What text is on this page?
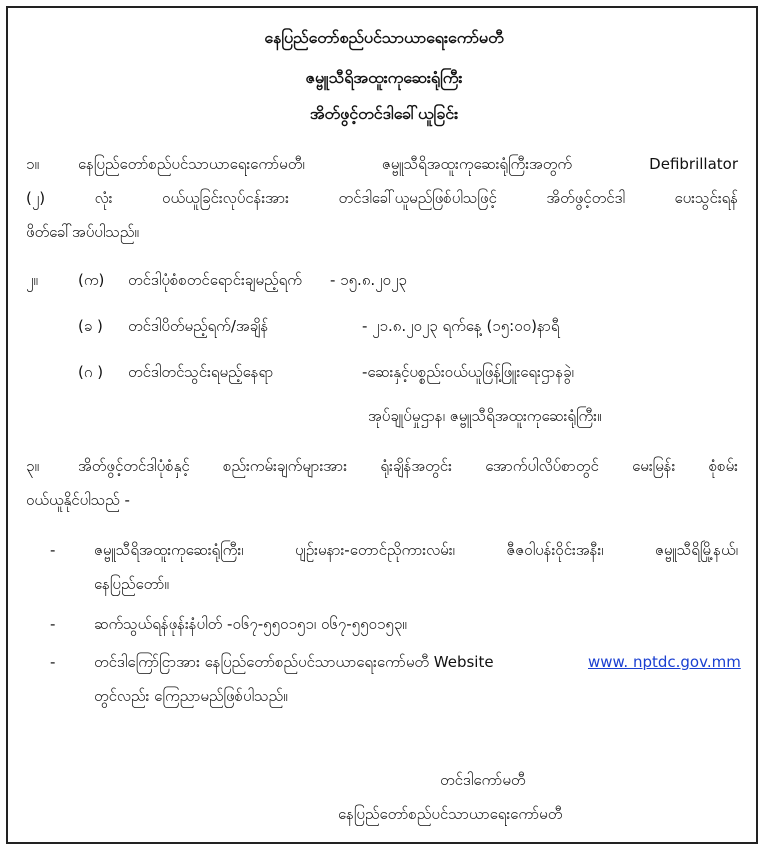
နေပြည်တော်စည်ပင်သာယာရေးကော်မတီ
ဇမ္ဗူသီရိအထူးကုဆေးရုံကြီး
အိတ်ဖွင့်တင်ဒါခေါ်ယူခြင်း
၁။	နေပြည်တော်စည်ပင်သာယာရေးကော်မတီ၊ ဇမ္ဗူသီရိအထူးကုဆေးရုံကြီးအတွက် Defibrillator
(၂) လုံး ဝယ်ယူခြင်းလုပ်ငန်းအား တင်ဒါခေါ်ယူမည်ဖြစ်ပါသဖြင့် အိတ်ဖွင့်တင်ဒါ ပေးသွင်းရန်
ဖိတ်ခေါ်အပ်ပါသည်။
၂။	(က) တင်ဒါပုံစံစတင်ရောင်းချမည့်ရက် - ၁၅.၈.၂၀၂၃
(ခ ) တင်ဒါပိတ်မည့်ရက်/အချိန်	- ၂၁.၈.၂၀၂၃ ရက်နေ့ (၁၅:၀၀)နာရီ
(ဂ ) တင်ဒါတင်သွင်းရမည့်နေရာ	-ဆေးနှင့်ပစ္စည်းဝယ်ယူဖြန့်ဖြူးရေးဌာနခွဲ၊
အုပ်ချုပ်မှုဌာန၊ ဇမ္ဗူသီရိအထူးကုဆေးရုံကြီး။
၃။	အိတ်ဖွင့်တင်ဒါပုံစံနှင့် စည်းကမ်းချက်များအား ရုံးချိန်အတွင်း အောက်ပါလိပ်စာတွင် မေးမြန်း စုံစမ်း
ဝယ်ယူနိုင်ပါသည် -
-	ဇမ္ဗူသီရိအထူးကုဆေးရုံကြီး၊ ပျဉ်းမနား-တောင်ညိုကားလမ်း၊ ဇီဇဝါပန်းဝိုင်းအနီး၊ ဇမ္ဗူသီရိမြို့နယ်၊
နေပြည်တော်။
-	ဆက်သွယ်ရန်ဖုန်းနံပါတ် -၀၆၇-၅၅၀၁၅၁၊ ၀၆၇-၅၅၀၁၅၃။
-	တင်ဒါကြော်ငြာအား နေပြည်တော်စည်ပင်သာယာရေးကော်မတီ Website	www. nptdc.gov.mm
တွင်လည်း ကြေညာမည်ဖြစ်ပါသည်။
တင်ဒါကော်မတီ
နေပြည်တော်စည်ပင်သာယာရေးကော်မတီ
